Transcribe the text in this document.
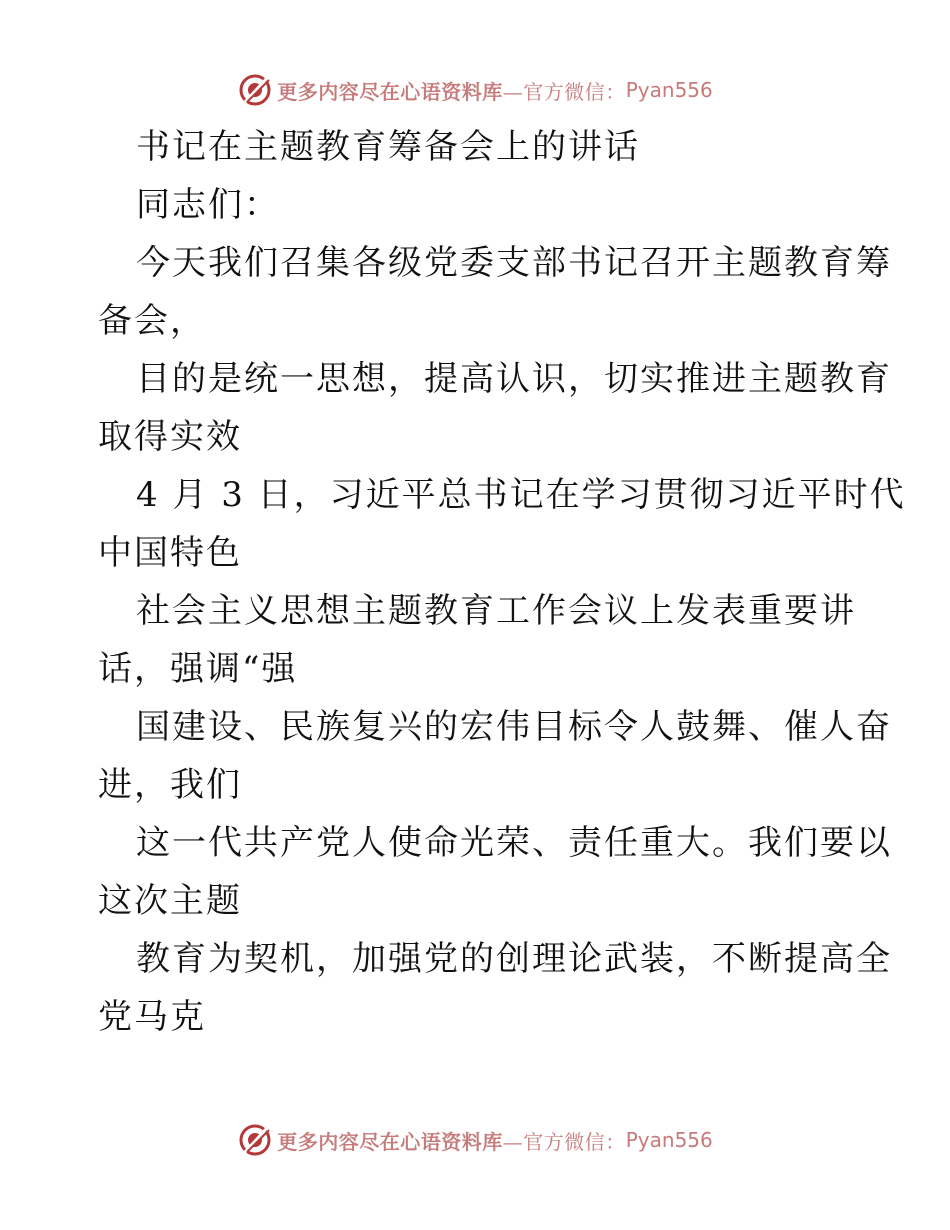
更多内容尽在心语资料库 —官方微信： Pyan556
书记在主题教育筹备会上的讲话
同志们：
今天我们召集各级党委支部书记召开主题教育筹
备会，
目的是统一思想，提高认识，切实推进主题教育
取得实效
4 月 3 日，习近平总书记在学习贯彻习近平时代
中国特色
社会主义思想主题教育工作会议上发表重要讲
话，强调“强
国建设、民族复兴的宏伟目标令人鼓舞、催人奋
进，我们
这一代共产党人使命光荣、责任重大。我们要以
这次主题
教育为契机，加强党的创理论武装，不断提高全
党马克
更多内容尽在心语资料库 —官方微信： Pyan556
